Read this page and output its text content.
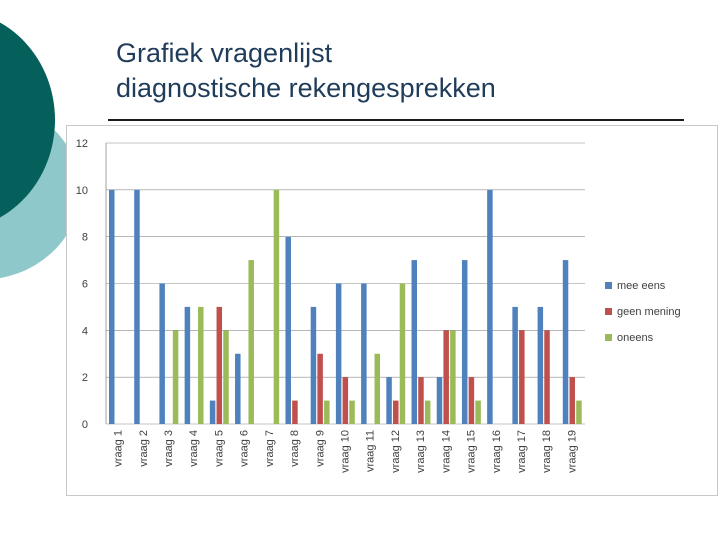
Grafiek vragenlijst
diagnostische rekengesprekken
0
2
4
6
8
10
12
vraag 1 vraag 2 vraag 3 vraag 4 vraag 5 vraag 6 vraag 7 vraag 8 vraag 9 vraag 10 vraag 11 vraag 12 vraag 13 vraag 14 vraag 15 vraag 16 vraag 17 vraag 18 vraag 19
mee eens
geen mening
oneens
